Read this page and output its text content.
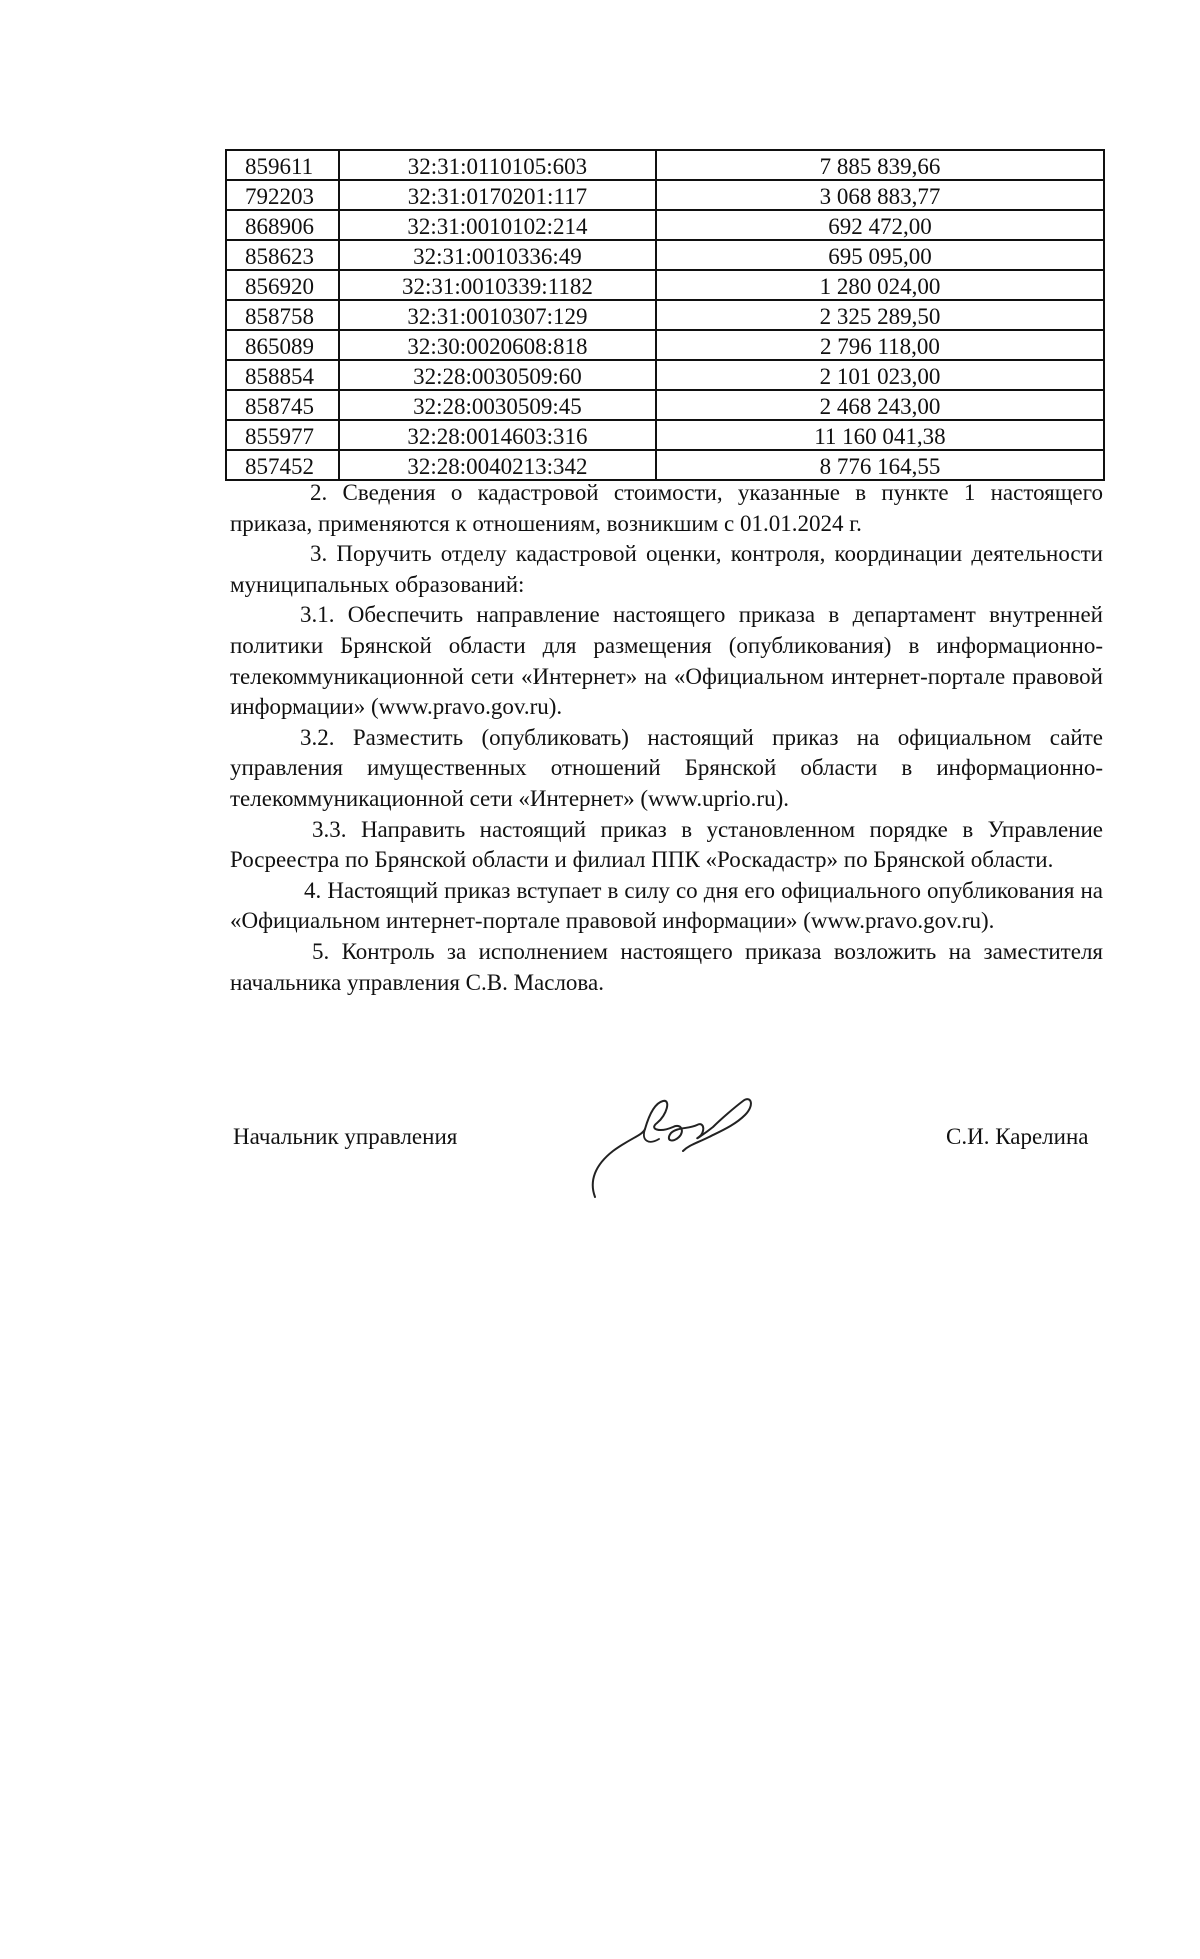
859611	32:31:0110105:603	7 885 839,66
792203	32:31:0170201:117	3 068 883,77
868906	32:31:0010102:214	692 472,00
858623	32:31:0010336:49	695 095,00
856920	32:31:0010339:1182	1 280 024,00
858758	32:31:0010307:129	2 325 289,50
865089	32:30:0020608:818	2 796 118,00
858854	32:28:0030509:60	2 101 023,00
858745	32:28:0030509:45	2 468 243,00
855977	32:28:0014603:316	11 160 041,38
857452	32:28:0040213:342	8 776 164,55

2. Сведения о кадастровой стоимости, указанные в пункте 1 настоящего приказа, применяются к отношениям, возникшим с 01.01.2024 г.

3. Поручить отделу кадастровой оценки, контроля, координации деятельности муниципальных образований:

3.1. Обеспечить направление настоящего приказа в департамент внутренней политики Брянской области для размещения (опубликования) в информационно-телекоммуникационной сети «Интернет» на «Официальном интернет-портале правовой информации» (www.pravo.gov.ru).

3.2. Разместить (опубликовать) настоящий приказ на официальном сайте управления имущественных отношений Брянской области в информационно-телекоммуникационной сети «Интернет» (www.uprio.ru).

3.3. Направить настоящий приказ в установленном порядке в Управление Росреестра по Брянской области и филиал ППК «Роскадастр» по Брянской области.

4. Настоящий приказ вступает в силу со дня его официального опубликования на «Официальном интернет-портале правовой информации» (www.pravo.gov.ru).

5. Контроль за исполнением настоящего приказа возложить на заместителя начальника управления С.В. Маслова.

Начальник управления	С.И. Карелина
